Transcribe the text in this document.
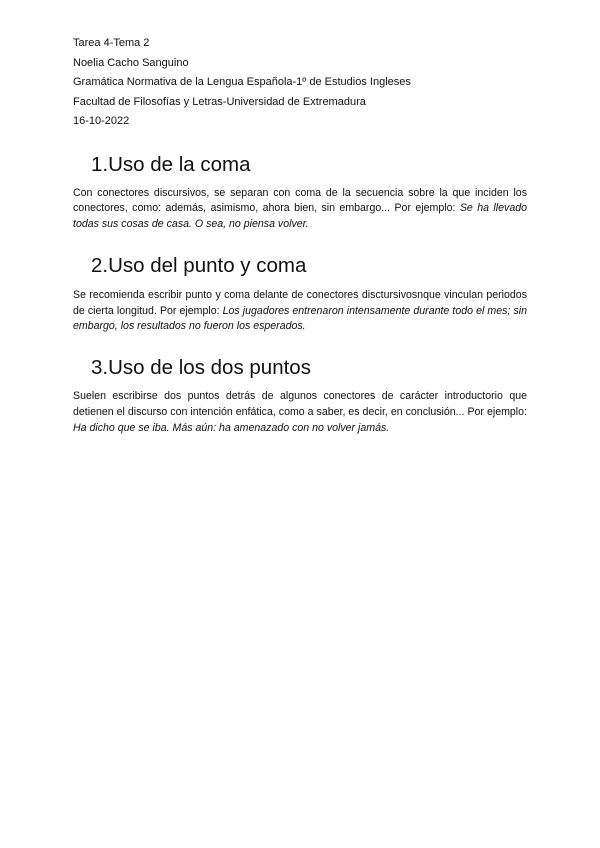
Tarea 4-Tema 2

Noelia Cacho Sanguino

Gramática Normativa de la Lengua Española-1º de Estudios Ingleses

Facultad de Filosofías y Letras-Universidad de Extremadura

16-10-2022

1.Uso de la coma

Con conectores discursivos, se separan con coma de la secuencia sobre la que inciden los conectores, como: además, asimismo, ahora bien, sin embargo... Por ejemplo: Se ha llevado todas sus cosas de casa. O sea, no piensa volver.

2.Uso del punto y coma

Se recomienda escribir punto y coma delante de conectores disctursivosnque vinculan periodos de cierta longitud. Por ejemplo: Los jugadores entrenaron intensamente durante todo el mes; sin embargo, los resultados no fueron los esperados.

3.Uso de los dos puntos

Suelen escribirse dos puntos detrás de algunos conectores de carácter introductorio que detienen el discurso con intención enfática, como a saber, es decir, en conclusión... Por ejemplo: Ha dicho que se iba. Más aún: ha amenazado con no volver jamás.
